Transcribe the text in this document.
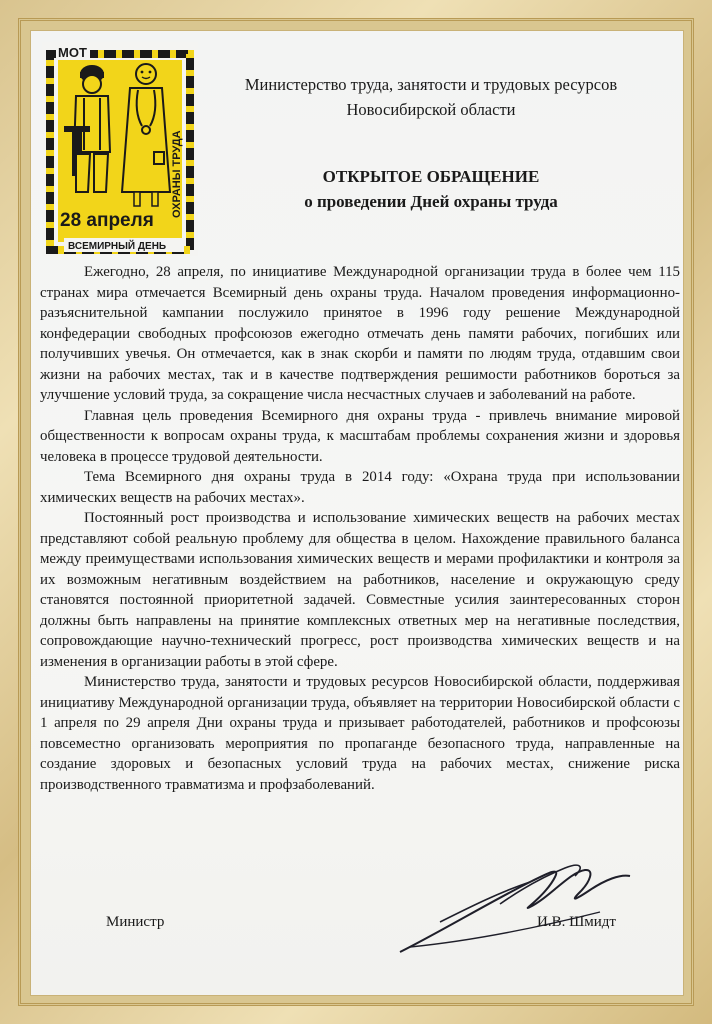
МОТ
28 апреля
ОХРАНЫ ТРУДА
ВСЕМИРНЫЙ ДЕНЬ
Министерство труда, занятости и трудовых ресурсов
Новосибирской области
ОТКРЫТОЕ ОБРАЩЕНИЕ
о проведении Дней охраны труда

Ежегодно, 28 апреля, по инициативе Международной организации труда в более чем 115 странах мира отмечается Всемирный день охраны труда. Началом проведения информационно-разъяснительной кампании послужило принятое в 1996 году решение Международной конфедерации свободных профсоюзов ежегодно отмечать день памяти рабочих, погибших или получивших увечья. Он отмечается, как в знак скорби и памяти по людям труда, отдавшим свои жизни на рабочих местах, так и в качестве подтверждения решимости работников бороться за улучшение условий труда, за сокращение числа несчастных случаев и заболеваний на работе.

Главная цель проведения Всемирного дня охраны труда - привлечь внимание мировой общественности к вопросам охраны труда, к масштабам проблемы сохранения жизни и здоровья человека в процессе трудовой деятельности.

Тема Всемирного дня охраны труда в 2014 году: «Охрана труда при использовании химических веществ на рабочих местах».

Постоянный рост производства и использование химических веществ на рабочих местах представляют собой реальную проблему для общества в целом. Нахождение правильного баланса между преимуществами использования химических веществ и мерами профилактики и контроля за их возможным негативным воздействием на работников, население и окружающую среду становятся постоянной приоритетной задачей. Совместные усилия заинтересованных сторон должны быть направлены на принятие комплексных ответных мер на негативные последствия, сопровождающие научно-технический прогресс, рост производства химических веществ и на изменения в организации работы в этой сфере.

Министерство труда, занятости и трудовых ресурсов Новосибирской области, поддерживая инициативу Международной организации труда, объявляет на территории Новосибирской области с 1 апреля по 29 апреля Дни охраны труда и призывает работодателей, работников и профсоюзы повсеместно организовать мероприятия по пропаганде безопасного труда, направленные на создание здоровых и безопасных условий труда на рабочих местах, снижение риска производственного травматизма и профзаболеваний.

Министр	И.В. Шмидт
